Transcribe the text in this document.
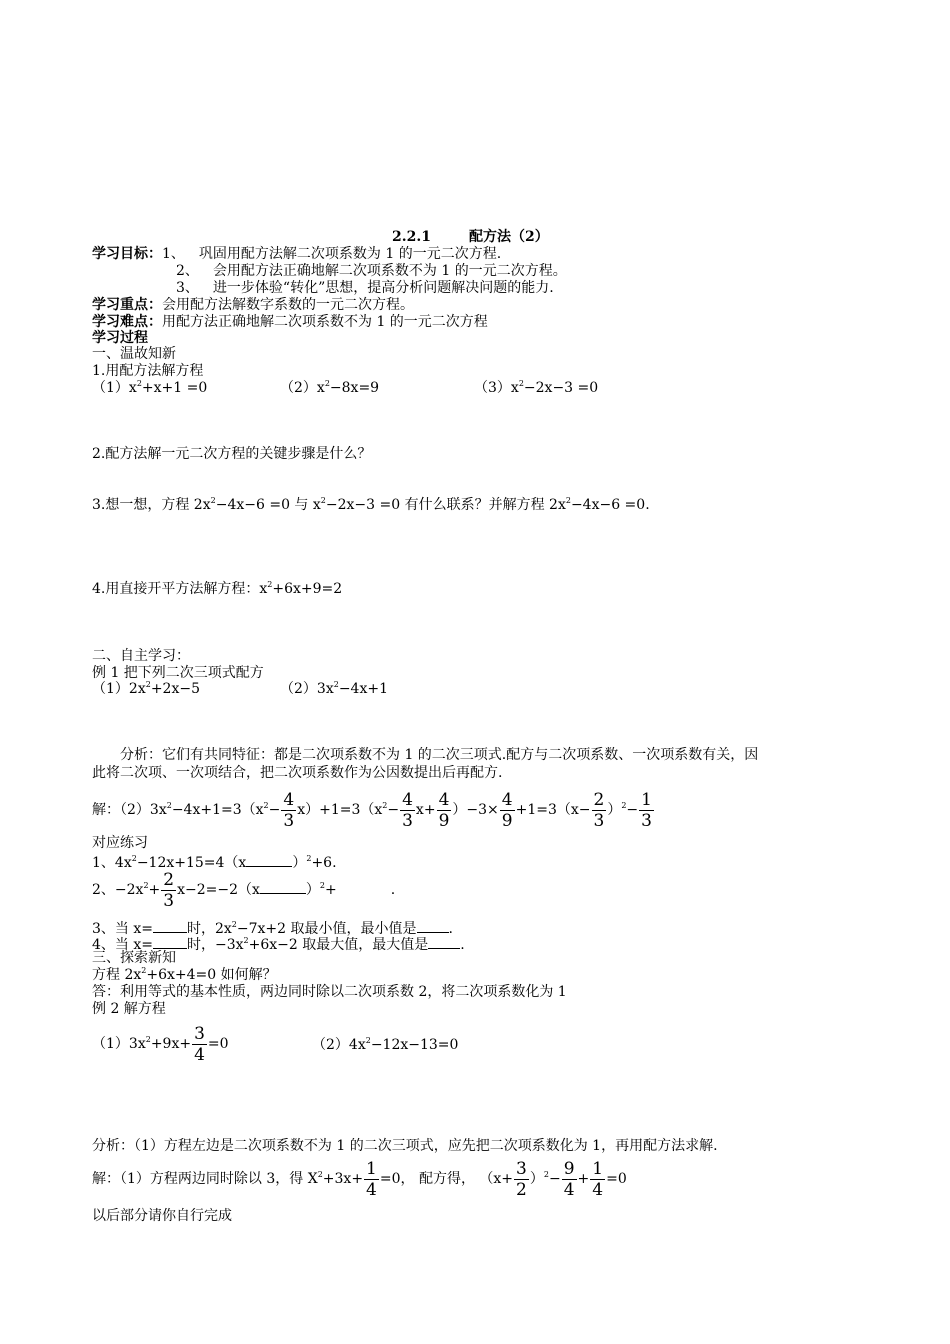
2.2.1	配方法（2）
学习目标：1、 巩固用配方法解二次项系数为 1 的一元二次方程.
2、 会用配方法正确地解二次项系数不为 1 的一元二次方程。
3、 进一步体验“转化”思想，提高分析问题解决问题的能力.
学习重点：会用配方法解数字系数的一元二次方程。
学习难点：用配方法正确地解二次项系数不为 1 的一元二次方程
学习过程
一、温故知新
1.用配方法解方程
$(1)x^2+x+1 =0$	$(2)x^2-8x=9$	$(3)x^2-2x-3 =0$
2.配方法解一元二次方程的关键步骤是什么？
3.想一想，方程 $2x^2-4x-6 =0$ 与 $x^2-2x-3 =0$ 有什么联系？并解方程 $2x^2-4x-6 =0$.
4.用直接开平方法解方程：$x^2+6x+9=2$
二、自主学习：
例 1 把下列二次三项式配方
$(1)2x^2+2x-5$	$(2)3x^2-4x+1$
分析：它们有共同特征：都是二次项系数不为 1 的二次三项式.配方与二次项系数、一次项系数有关，因
此将二次项、一次项结合，把二次项系数作为公因数提出后再配方.
解：$(2)3x^2-4x+1=3(x^2- \frac{4}{3} x)+1=3(x^2- \frac{4}{3} x+ \frac{4}{9} )-3\times \frac{4}{9} +1=3(x- \frac{2}{3} )^2- \frac{1}{3}$
对应练习
1、$4x^2-12x+15=4(x$	）$^2$+6.
2、$-2x^2+ \frac{2}{3} x-2=-2(x$	）$^2$+	.
3、当 x= 时，$2x^2-7x+2$ 取最小值，最小值是 .
4、当 x= 时，$-3x^2+6x-2$ 取最大值，最大值是 .
三、探索新知
方程 $2x^2+6x+4=0$ 如何解？
答：利用等式的基本性质，两边同时除以二次项系数 2，将二次项系数化为 1
例 2 解方程
$(1)3x^2+9x+ \frac{3}{4} =0$	$(2)4x^2-12x-13=0$
分析：（1）方程左边是二次项系数不为 1 的二次三项式，应先把二次项系数化为 1，再用配方法求解.
解：（1）方程两边同时除以 3，得 $X^2+3x+ \frac{1}{4} =0$， 配方得， $(x+ \frac{3}{2} )^2- \frac{9}{4} + \frac{1}{4} =0$
以后部分请你自行完成
